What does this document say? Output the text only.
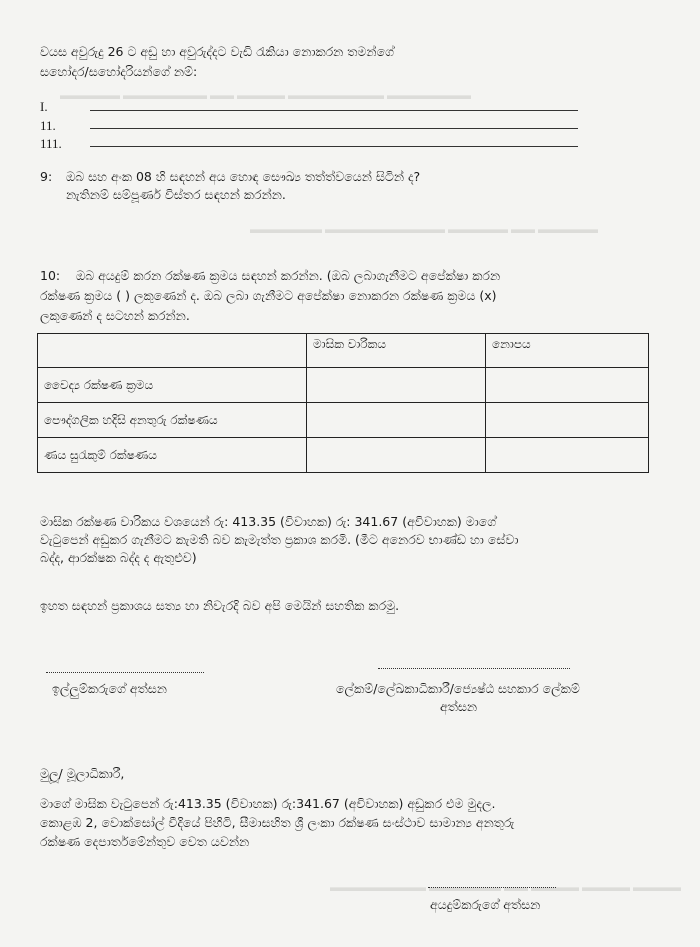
▬▬▬▬▬ ▬▬▬▬▬▬▬ ▬▬ ▬▬▬▬ ▬▬▬▬▬▬▬▬ ▬▬▬▬▬▬▬
▬▬▬▬▬▬ ▬▬▬▬▬▬▬▬▬▬ ▬▬▬▬▬ ▬▬ ▬▬▬▬▬
▬▬▬▬▬▬▬▬ ▬▬▬▬▬▬ ▬▬ ▬▬▬▬ ▬▬▬▬ ▬▬▬▬
වයස අවුරුදු 26 ට අඩු හා අවුරුද්දට වැඩි රැකියා නොකරන තමන්ගේ
සහෝදර/සහෝදරියන්ගේ නම්:
I.
11.
111.
9: ඔබ සහ අංක 08 හි සඳහන් අය හොඳ සෞඛ්‍ය තත්ත්වයෙන් සිටින් ද?
නැතිනම් සම්පූර්ණ විස්තර සඳහන් කරන්න.
10: ඔබ අයදුම් කරන රක්ෂණ ක්‍රමය සඳහන් කරන්න. (ඔබ ලබාගැනීමට අපේක්ෂා කරන
රක්ෂණ ක්‍රමය ( ) ලකුණෙන් ද. ඔබ ලබා ගැනීමට අපේක්ෂා නොකරන රක්ෂණ ක්‍රමය (x)
ලකුණෙන් ද සටහන් කරන්න.
	මාසික වාරිකය	නොපය
වෛද්‍ය රක්ෂණ ක්‍රමය		
පෞද්ගලික හදිසි අනතුරු රක්ෂණය		
ණය සුරැකුම් රක්ෂණය		
මාසික රක්ෂණ වාරිකය වශයෙන් රු: 413.35 (විවාහක) රු: 341.67 (අවිවාහක) මාගේ
වැටුපෙන් අඩුකර ගැනීමට කැමති බව කැමැත්ත ප්‍රකාශ කරමි. (මීට අනෙරව භාණ්ඩ හා සේවා
බද්ද, ආරක්ෂක බද්ද ද ඇතුළුව)
ඉහත සඳහන් ප්‍රකාශය සත්‍ය හා නිවැරදි බව අපි මෙයින් සහතික කරමු.
ඉල්ලුම්කරුගේ අත්සන	ලේකම්/ලේඛකාධිකාරී/ජ්‍යෙෂ්ඨ සහකාර ලේකම්
අත්සන
මුලූ/ මූලාධිකාරී,
මාගේ මාසික වැටුපෙන් රු:413.35 (විවාහක) රු:341.67 (අවිවාහක) අඩුකර එම මුදල.
කොළඹ 2, වොක්සෝල් වීදියේ පිහිටි, සීමාසහිත ශ්‍රී ලංකා රක්ෂණ සංස්ථාව සාමාන්‍ය අනතුරු
රක්ෂණ දෙපාර්තමේන්තුව වෙත යවන්න
අයදුම්කරුගේ අත්සන
